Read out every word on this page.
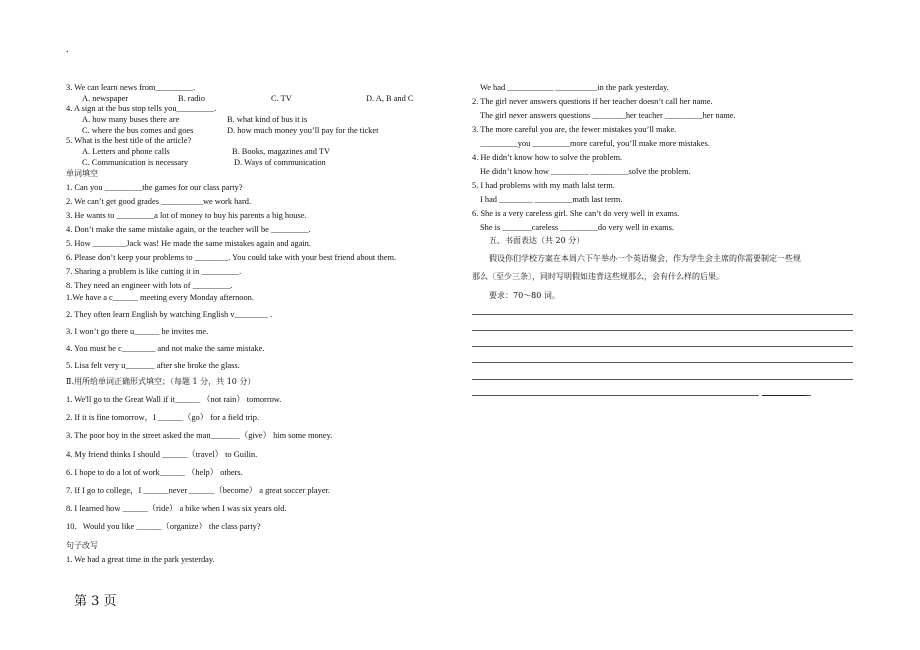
.
3. We can learn news from_________.
A. newspaper	B. radio	C. TV	D. A, B and C
4. A sign at the bus stop tells you_________.
A. how many buses there are	B. what kind of bus it is
C. where the bus comes and goes	D. how much money you’ll pay for the ticket
5. What is the best title of the article?
A. Letters and phone calls	B. Books, magazines and TV
C. Communication is necessary	D. Ways of communication
单词填空
1. Can you _________the games for our class party?
2. We can’t get good grades __________we work hard.
3. He wants to _________a lot of money to buy his parents a big house.
4. Don’t make the same mistake again, or the teacher will be _________.
5. How ________Jack was! He made the same mistakes again and again.
6. Please don’t keep your problems to ________. You could take with your best friend about them.
7. Sharing a problem is like cutting it in _________.
8. They need an engineer with lots of _________.
1.We have a c______ meeting every Monday afternoon.
2. They often learn English by watching English v________ .
3. I won’t go there u______ he invites me.
4. You must be c________ and not make the same mistake.
5. Lisa felt very u_______ after she broke the glass.
Ⅱ.用所给单词正确形式填空；（每题 1 分，共 10 分）
1. We'll go to the Great Wall if it______ （not rain） tomorrow.
2. If it is fine tomorrow，I ______（go） for a field trip.
3. The poor boy in the street asked the man_______（give） him some money.
4. My friend thinks I should ______（travel） to Guilin.
6. I hope to do a lot of work______ （help） others.
7. If I go to college，I ______never ______（become） a great soccer player.
8. I learned how ______（ride） a bike when I was six years old.
10．Would you like ______（organize） the class party?
句子改写
1. We had a great time in the park yesterday.
We had ___________ __________in the park yesterday.
2. The girl never answers questions if her teacher doesn’t call her name.
The girl never answers questions ________her teacher _________her name.
3. The more careful you are, the fewer mistakes you’ll make.
_________you _________more careful, you’ll make more mistakes.
4. He didn’t know how to solve the problem.
He didn’t know how _________ _________solve the problem.
5. I had problems with my math lalst term.
I had ________ _________math last term.
6. She is a very careless girl. She can’t do very well in exams.
She is _______careless _________do very well in exams.
五、书面表达（共 20 分）
假设你们学校方案在本周六下午举办一个英语聚会，作为学生会主席的你需要制定一些规
那么〔至少三条〕，同时写明假如违背这些规那么，会有什么样的后果。
要求：70～80 词。
第 3 页
